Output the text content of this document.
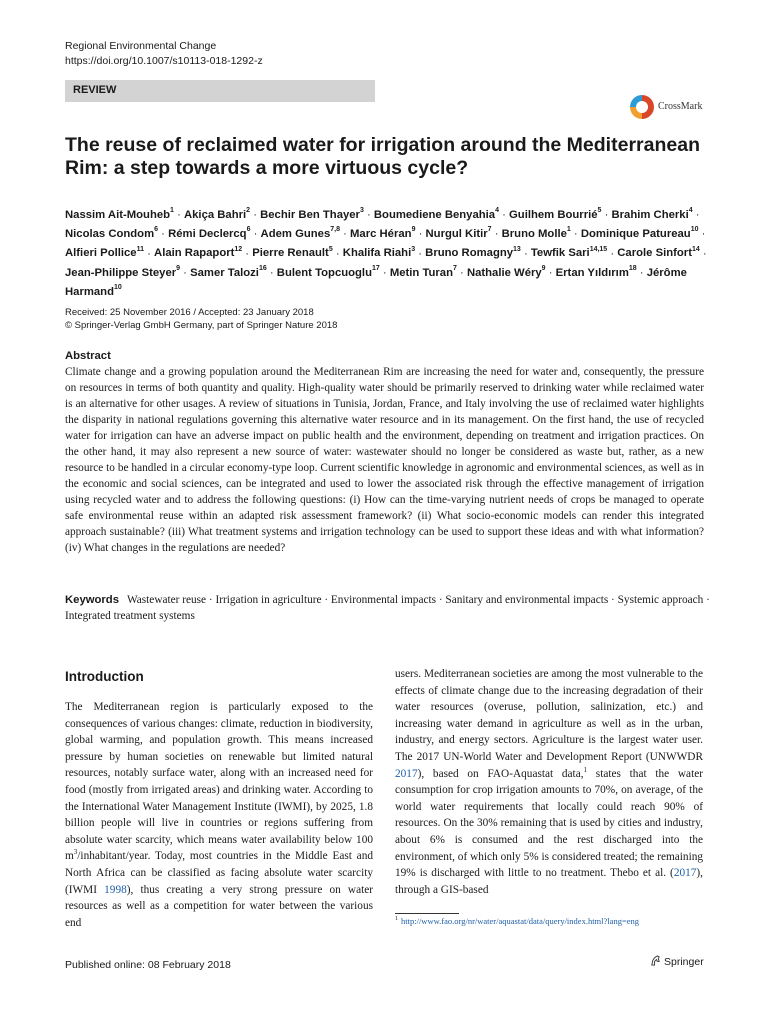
Regional Environmental Change
https://doi.org/10.1007/s10113-018-1292-z
REVIEW
CrossMark
The reuse of reclaimed water for irrigation around the Mediterranean Rim: a step towards a more virtuous cycle?
Nassim Ait-Mouheb$^1$ · Akiça Bahri$^2$ · Bechir Ben Thayer$^3$ · Boumediene Benyahia$^4$ · Guilhem Bourrié$^5$ · Brahim Cherki$^4$ · Nicolas Condom$^6$ · Rémi Declercq$^6$ · Adem Gunes$^{7,8}$ · Marc Héran$^9$ · Nurgul Kitir$^7$ · Bruno Molle$^1$ · Dominique Patureau$^{10}$ · Alfieri Pollice$^{11}$ · Alain Rapaport$^{12}$ · Pierre Renault$^5$ · Khalifa Riahi$^3$ · Bruno Romagny$^{13}$ · Tewfik Sari$^{14,15}$ · Carole Sinfort$^{14}$ · Jean-Philippe Steyer$^9$ · Samer Talozi$^{16}$ · Bulent Topcuoglu$^{17}$ · Metin Turan$^7$ · Nathalie Wéry$^9$ · Ertan Yıldırım$^{18}$ · Jérôme Harmand$^{10}$
Received: 25 November 2016 / Accepted: 23 January 2018
© Springer-Verlag GmbH Germany, part of Springer Nature 2018
Abstract

Climate change and a growing population around the Mediterranean Rim are increasing the need for water and, consequently, the pressure on resources in terms of both quantity and quality. High-quality water should be primarily reserved to drinking water while reclaimed water is an alternative for other usages. A review of situations in Tunisia, Jordan, France, and Italy involving the use of reclaimed water highlights the disparity in national regulations governing this alternative water resource and in its management. On the first hand, the use of recycled water for irrigation can have an adverse impact on public health and the environment, depending on treatment and irrigation practices. On the other hand, it may also represent a new source of water: wastewater should no longer be considered as waste but, rather, as a new resource to be handled in a circular economy-type loop. Current scientific knowledge in agronomic and environmental sciences, as well as in the economic and social sciences, can be integrated and used to lower the associated risk through the effective management of irrigation using recycled water and to address the following questions: (i) How can the time-varying nutrient needs of crops be managed to operate safe environmental reuse within an adapted risk assessment framework? (ii) What socio-economic models can render this integrated approach sustainable? (iii) What treatment systems and irrigation technology can be used to support these ideas and with what information? (iv) What changes in the regulations are needed?

Keywords Wastewater reuse · Irrigation in agriculture · Environmental impacts · Sanitary and environmental impacts · Systemic approach · Integrated treatment systems
Introduction
The Mediterranean region is particularly exposed to the consequences of various changes: climate, reduction in biodiversity, global warming, and population growth. This means increased pressure by human societies on renewable but limited natural resources, notably surface water, along with an increased need for food (mostly from irrigated areas) and drinking water. According to the International Water Management Institute (IWMI), by 2025, 1.8 billion people will live in countries or regions suffering from absolute water scarcity, which means water availability below 100 $m^3/inhabitant$/year. Today, most countries in the Middle East and North Africa can be classified as facing absolute water scarcity (IWMI 1998), thus creating a very strong pressure on water resources as well as a competition for water between the various end
users. Mediterranean societies are among the most vulnerable to the effects of climate change due to the increasing degradation of their water resources (overuse, pollution, salinization, etc.) and increasing water demand in agriculture as well as in the urban, industry, and energy sectors. Agriculture is the largest water user. The 2017 UN-World Water and Development Report (UNWWDR 2017), based on FAO-Aquastat data,$^1$ states that the water consumption for crop irrigation amounts to 70%, on average, of the world water requirements that locally could reach 90% of resources. On the 30% remaining that is used by cities and industry, about 6% is consumed and the rest discharged into the environment, of which only 5% is considered treated; the remaining 19% is discharged with little to no treatment. Thebo et al. (2017), through a GIS-based
$^1$ http://www.fao.org/nr/water/aquastat/data/query/index.html?lang=eng
Published online: 08 February 2018	Springer
